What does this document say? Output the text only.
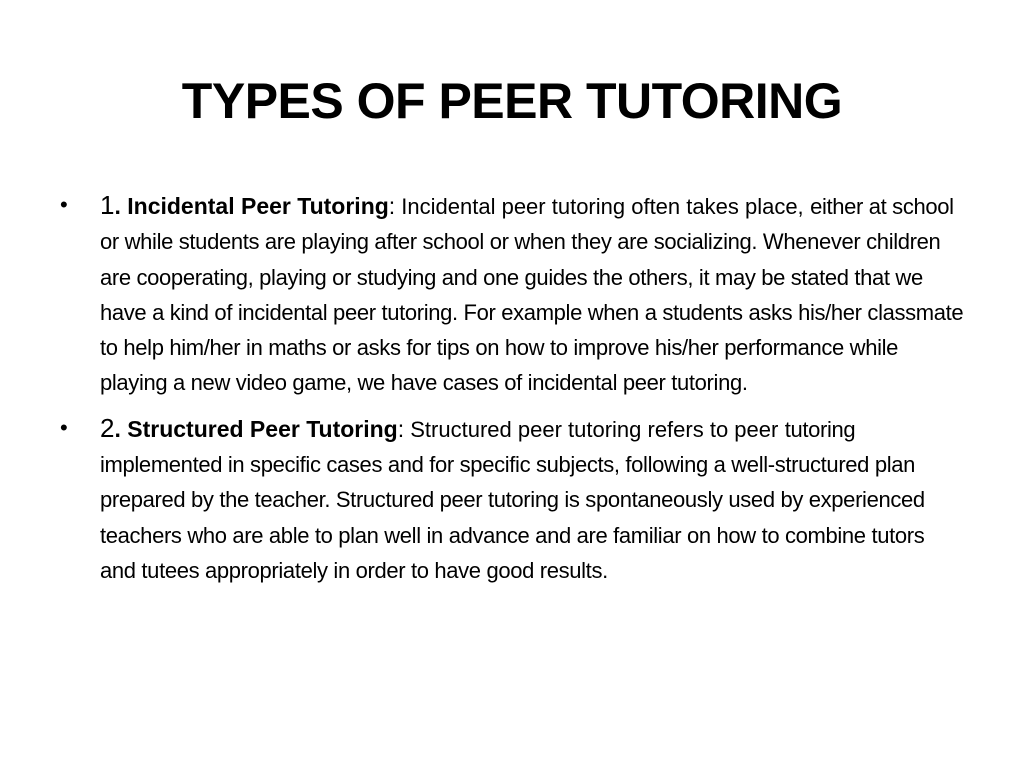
TYPES OF PEER TUTORING
• 1. Incidental Peer Tutoring: Incidental peer tutoring often takes place, either at school or while students are playing after school or when they are socializing. Whenever children are cooperating, playing or studying and one guides the others, it may be stated that we have a kind of incidental peer tutoring. For example when a students asks his/her classmate to help him/her in maths or asks for tips on how to improve his/her performance while playing a new video game, we have cases of incidental peer tutoring.
• 2. Structured Peer Tutoring: Structured peer tutoring refers to peer tutoring implemented in specific cases and for specific subjects, following a well-structured plan prepared by the teacher. Structured peer tutoring is spontaneously used by experienced teachers who are able to plan well in advance and are familiar on how to combine tutors and tutees appropriately in order to have good results.
